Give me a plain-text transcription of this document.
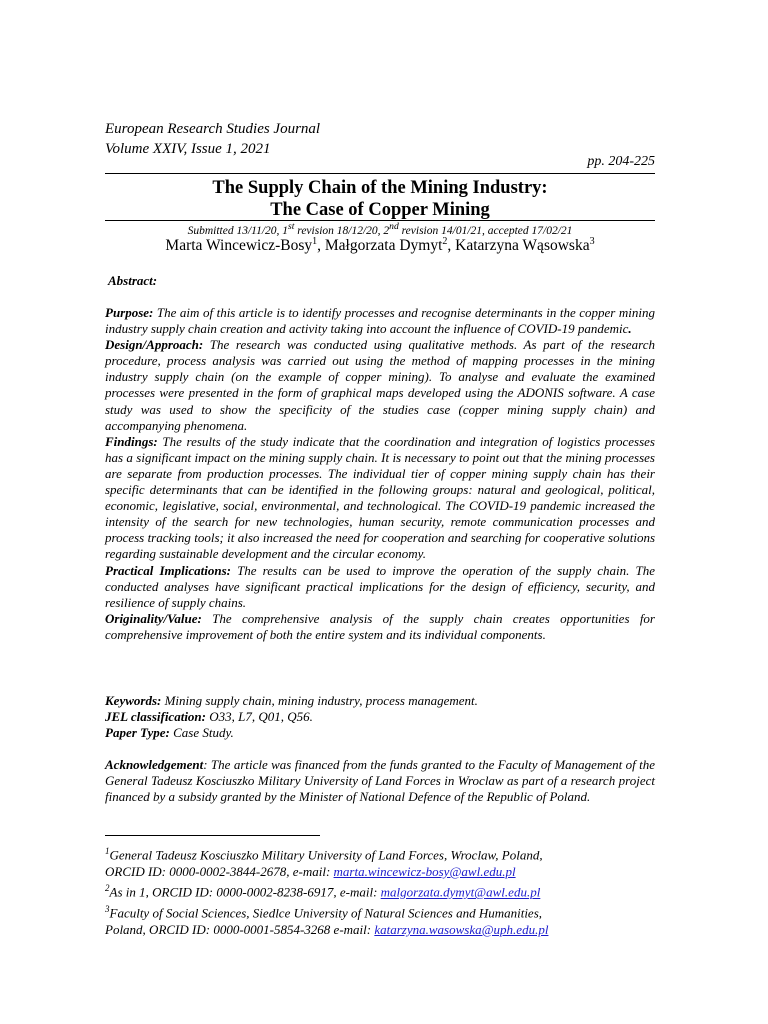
European Research Studies Journal
Volume XXIV, Issue 1, 2021
pp. 204-225
The Supply Chain of the Mining Industry:
The Case of Copper Mining
Submitted 13/11/20, 1st revision 18/12/20, 2nd revision 14/01/21, accepted 17/02/21
Marta Wincewicz-Bosy$^1$, Małgorzata Dymyt$^2$, Katarzyna Wąsowska$^3$
Abstract:

Purpose: The aim of this article is to identify processes and recognise determinants in the copper mining industry supply chain creation and activity taking into account the influence of COVID-19 pandemic.

Design/Approach: The research was conducted using qualitative methods. As part of the research procedure, process analysis was carried out using the method of mapping processes in the mining industry supply chain (on the example of copper mining). To analyse and evaluate the examined processes were presented in the form of graphical maps developed using the ADONIS software. A case study was used to show the specificity of the studies case (copper mining supply chain) and accompanying phenomena.

Findings: The results of the study indicate that the coordination and integration of logistics processes has a significant impact on the mining supply chain. It is necessary to point out that the mining processes are separate from production processes. The individual tier of copper mining supply chain has their specific determinants that can be identified in the following groups: natural and geological, political, economic, legislative, social, environmental, and technological. The COVID-19 pandemic increased the intensity of the search for new technologies, human security, remote communication processes and process tracking tools; it also increased the need for cooperation and searching for cooperative solutions regarding sustainable development and the circular economy.

Practical Implications: The results can be used to improve the operation of the supply chain. The conducted analyses have significant practical implications for the design of efficiency, security, and resilience of supply chains.

Originality/Value: The comprehensive analysis of the supply chain creates opportunities for comprehensive improvement of both the entire system and its individual components.

Keywords: Mining supply chain, mining industry, process management.

JEL classification: O33, L7, Q01, Q56.

Paper Type: Case Study.

Acknowledgement: The article was financed from the funds granted to the Faculty of Management of the General Tadeusz Kosciuszko Military University of Land Forces in Wroclaw as part of a research project financed by a subsidy granted by the Minister of National Defence of the Republic of Poland.

$^1$General Tadeusz Kosciuszko Military University of Land Forces, Wroclaw, Poland,

ORCID ID: 0000-0002-3844-2678, e-mail: marta.wincewicz-bosy@awl.edu.pl

$^2$As in 1, ORCID ID: 0000-0002-8238-6917, e-mail: malgorzata.dymyt@awl.edu.pl

$^3$Faculty of Social Sciences, Siedlce University of Natural Sciences and Humanities,

Poland, ORCID ID: 0000-0001-5854-3268 e-mail: katarzyna.wasowska@uph.edu.pl
